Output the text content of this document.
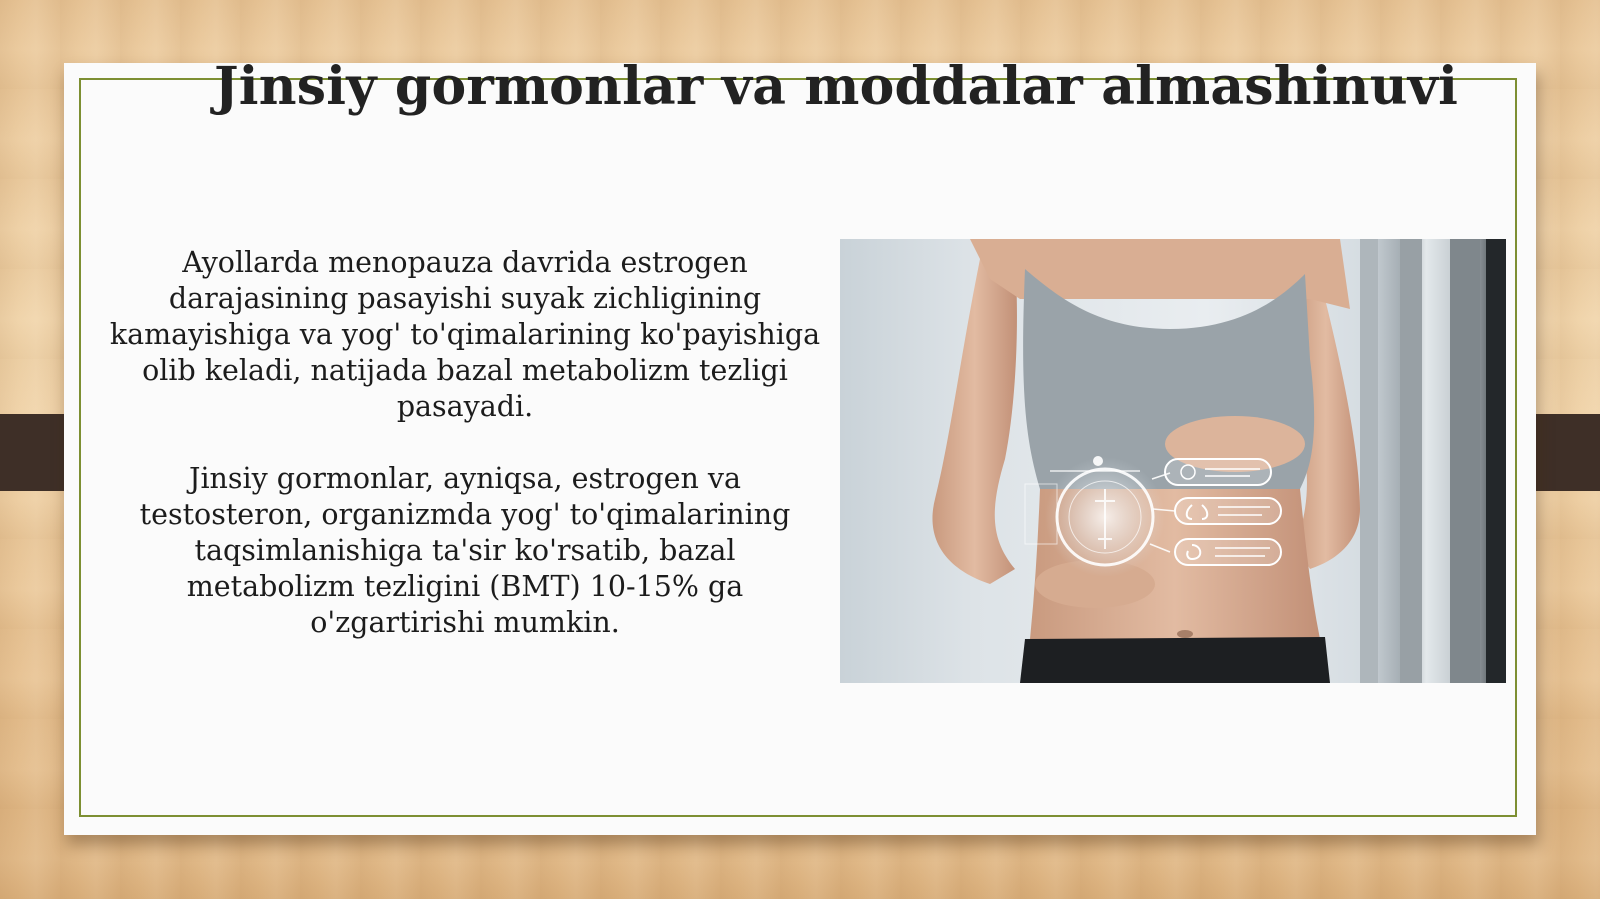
Jinsiy gormonlar va moddalar almashinuvi

Ayollarda menopauza davrida estrogen darajasining pasayishi suyak zichligining kamayishiga va yog' to'qimalarining ko'payishiga olib keladi, natijada bazal metabolizm tezligi pasayadi.

Jinsiy gormonlar, ayniqsa, estrogen va testosteron, organizmda yog' to'qimalarining taqsimlanishiga ta'sir ko'rsatib, bazal metabolizm tezligini (BMT) 10-15% ga o'zgartirishi mumkin.
